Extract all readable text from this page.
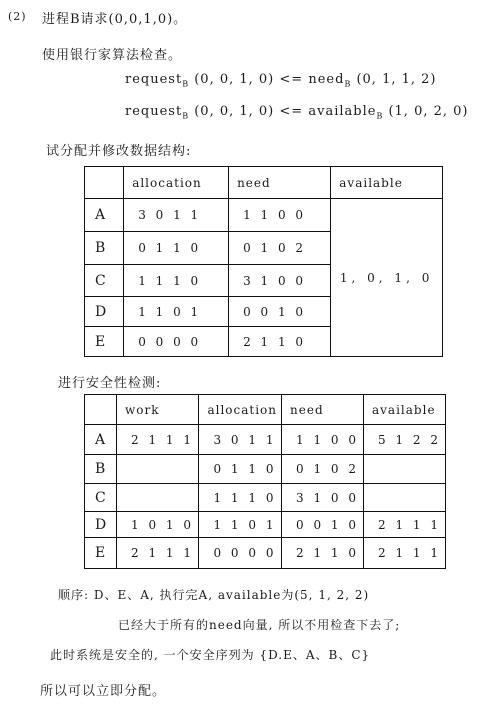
(2) 进程B请求(0,0,1,0)。
使用银行家算法检查。
request$_B$ (0, 0, 1, 0) <= need$_B$ (0, 1, 1, 2)
request$_B$ (0, 0, 1, 0) <= available$_B$ (1, 0, 2, 0)
试分配并修改数据结构:
	allocation	need	available
A	3 0 1 1	1 1 0 0	1, 0, 1, 0
B	0 1 1 0	0 1 0 2	
C	1 1 1 0	3 1 0 0	
D	1 1 0 1	0 0 1 0	
E	0 0 0 0	2 1 1 0	
进行安全性检测:
	work	allocation	need	available
A	2 1 1 1	3 0 1 1	1 1 0 0	5 1 2 2
B		0 1 1 0	0 1 0 2	
C		1 1 1 0	3 1 0 0	
D	1 0 1 0	1 1 0 1	0 0 1 0	2 1 1 1
E	2 1 1 1	0 0 0 0	2 1 1 0	2 1 1 1
顺序: D、E、A, 执行完A, available为(5, 1, 2, 2)
已经大于所有的need向量, 所以不用检查下去了;
此时系统是安全的, 一个安全序列为 {D.E、A、B、C}
所以可以立即分配。
